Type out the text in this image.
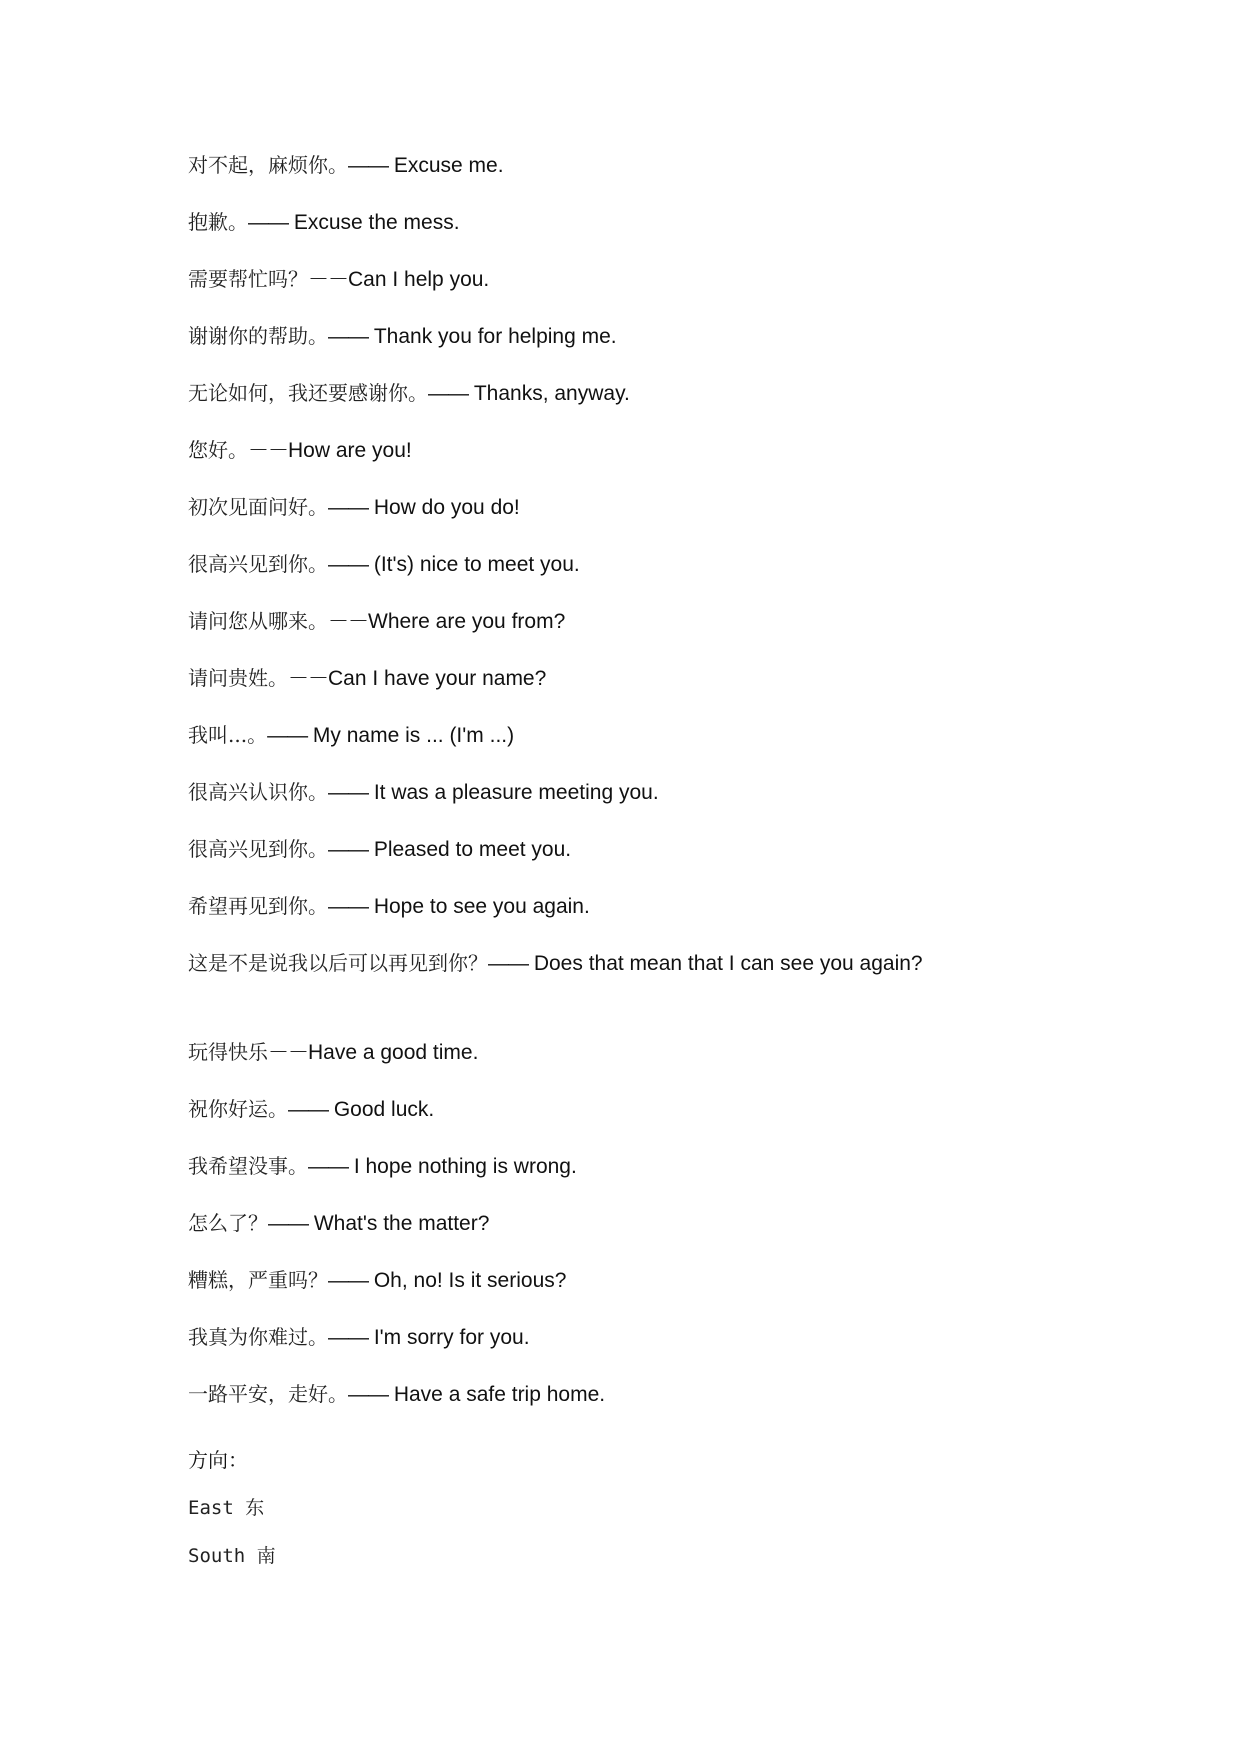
对不起，麻烦你。—— Excuse me.
抱歉。—— Excuse the mess.
需要帮忙吗？－－Can I help you.
谢谢你的帮助。—— Thank you for helping me.
无论如何，我还要感谢你。—— Thanks, anyway.
您好。－－How are you!
初次见面问好。—— How do you do!
很高兴见到你。—— (It's) nice to meet you.
请问您从哪来。－－Where are you from?
请问贵姓。－－Can I have your name?
我叫...。—— My name is ... (I'm ...)
很高兴认识你。—— It was a pleasure meeting you.
很高兴见到你。—— Pleased to meet you.
希望再见到你。—— Hope to see you again.
这是不是说我以后可以再见到你？—— Does that mean that I can see you again?
玩得快乐－－Have a good time.
祝你好运。—— Good luck.
我希望没事。—— I hope nothing is wrong.
怎么了？—— What's the matter?
糟糕，严重吗？—— Oh, no! Is it serious?
我真为你难过。—— I'm sorry for you.
一路平安，走好。—— Have a safe trip home.
方向：
East 东
South 南
